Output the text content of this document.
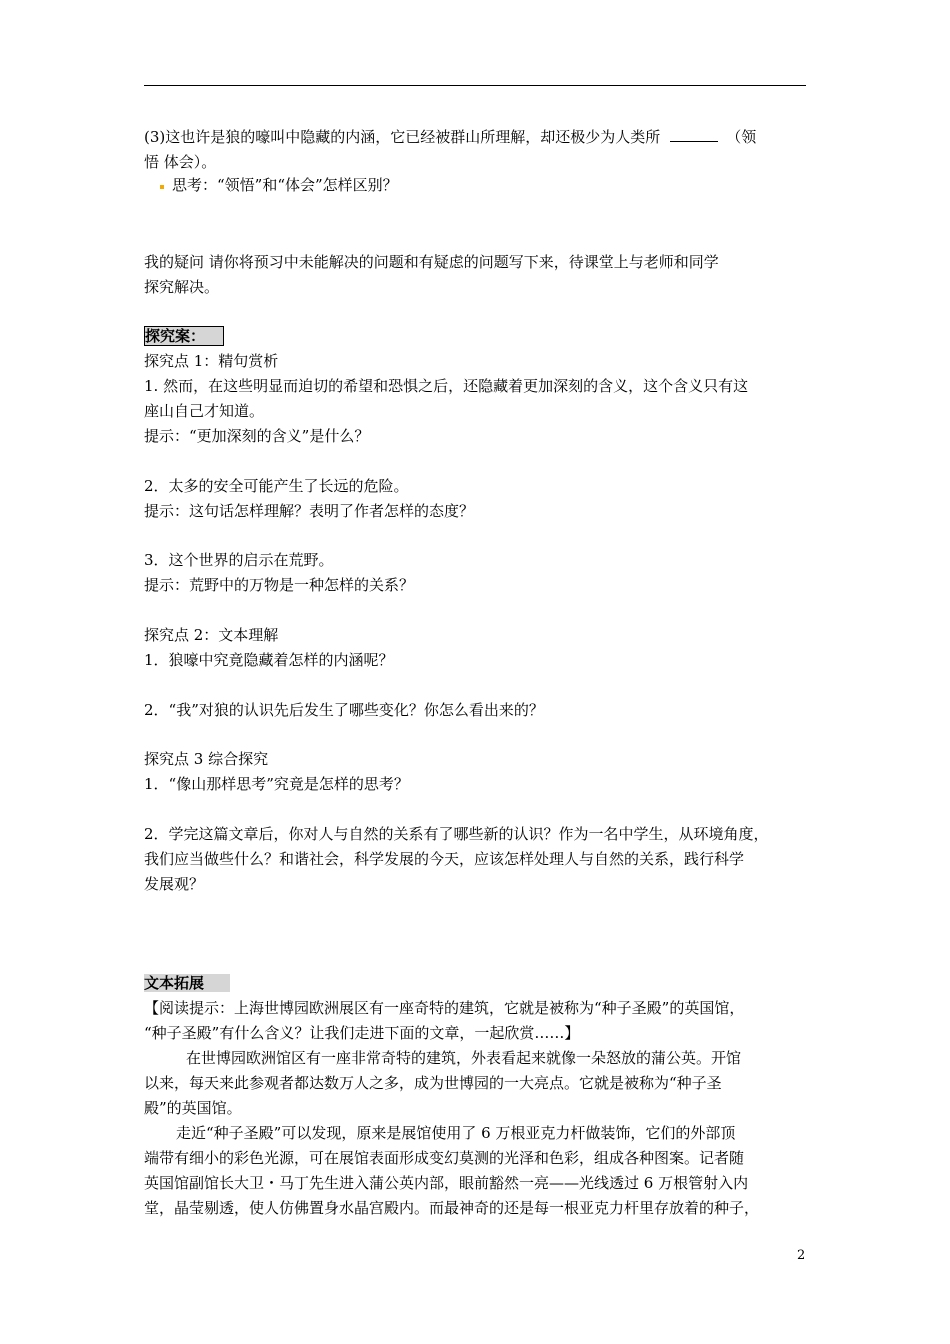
(3)这也许是狼的嚎叫中隐藏的内涵，它已经被群山所理解，却还极少为人类所	（领
悟 体会）。
思考：“领悟”和“体会”怎样区别？
我的疑问 请你将预习中未能解决的问题和有疑虑的问题写下来，待课堂上与老师和同学
探究解决。
探究案：
探究点 1：精句赏析
1. 然而，在这些明显而迫切的希望和恐惧之后，还隐藏着更加深刻的含义，这个含义只有这
座山自己才知道。
提示：“更加深刻的含义”是什么？
2．太多的安全可能产生了长远的危险。
提示：这句话怎样理解？表明了作者怎样的态度？
3．这个世界的启示在荒野。
提示：荒野中的万物是一种怎样的关系？
探究点 2：文本理解
1．狼嚎中究竟隐藏着怎样的内涵呢？
2．“我”对狼的认识先后发生了哪些变化？你怎么看出来的？
探究点 3 综合探究
1．“像山那样思考”究竟是怎样的思考？
2．学完这篇文章后，你对人与自然的关系有了哪些新的认识？作为一名中学生，从环境角度，
我们应当做些什么？和谐社会，科学发展的今天，应该怎样处理人与自然的关系，践行科学
发展观？
文本拓展
【阅读提示：上海世博园欧洲展区有一座奇特的建筑，它就是被称为“种子圣殿”的英国馆，
“种子圣殿”有什么含义？让我们走进下面的文章，一起欣赏……】
在世博园欧洲馆区有一座非常奇特的建筑，外表看起来就像一朵怒放的蒲公英。开馆
以来，每天来此参观者都达数万人之多，成为世博园的一大亮点。它就是被称为“种子圣
殿”的英国馆。
走近“种子圣殿”可以发现，原来是展馆使用了 6 万根亚克力杆做装饰，它们的外部顶
端带有细小的彩色光源，可在展馆表面形成变幻莫测的光泽和色彩，组成各种图案。记者随
英国馆副馆长大卫・马丁先生进入蒲公英内部，眼前豁然一亮——光线透过 6 万根管射入内
堂，晶莹剔透，使人仿佛置身水晶宫殿内。而最神奇的还是每一根亚克力杆里存放着的种子，
2
